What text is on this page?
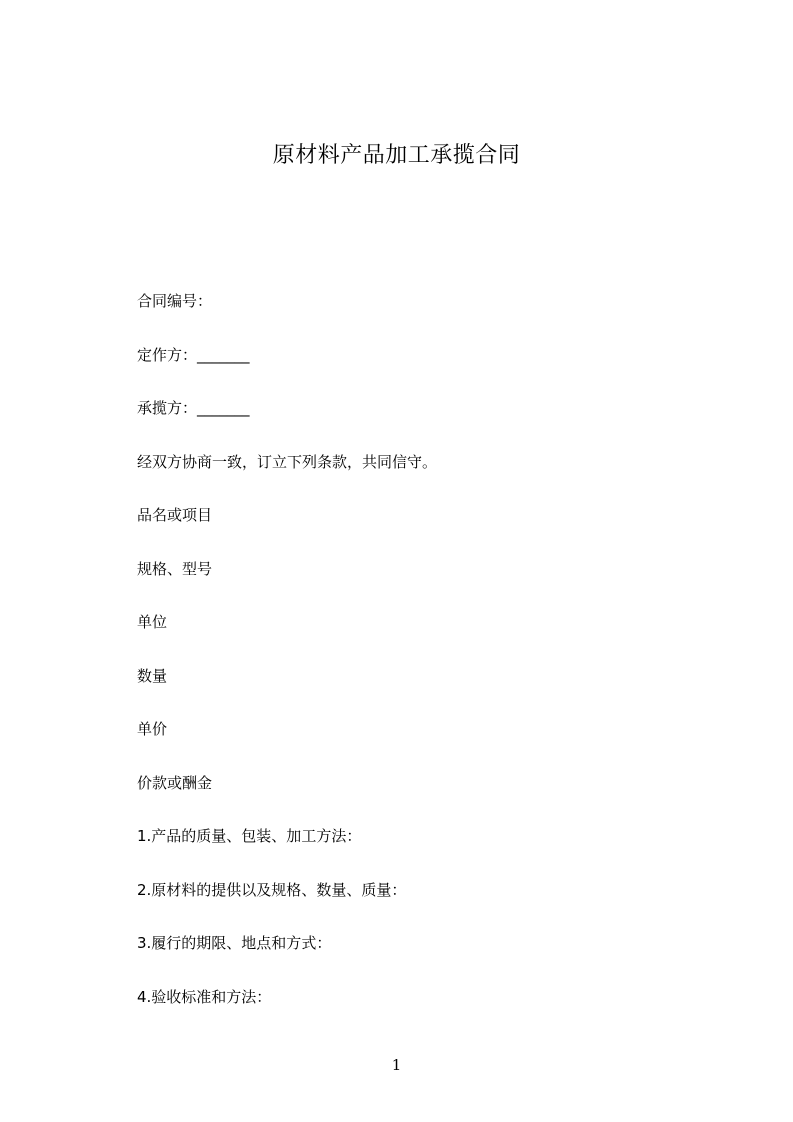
原材料产品加工承揽合同
合同编号：
定作方：_______
承揽方：_______
经双方协商一致，订立下列条款，共同信守。
品名或项目
规格、型号
单位
数量
单价
价款或酬金
1.产品的质量、包装、加工方法：
2.原材料的提供以及规格、数量、质量：
3.履行的期限、地点和方式：
4.验收标准和方法：
1
